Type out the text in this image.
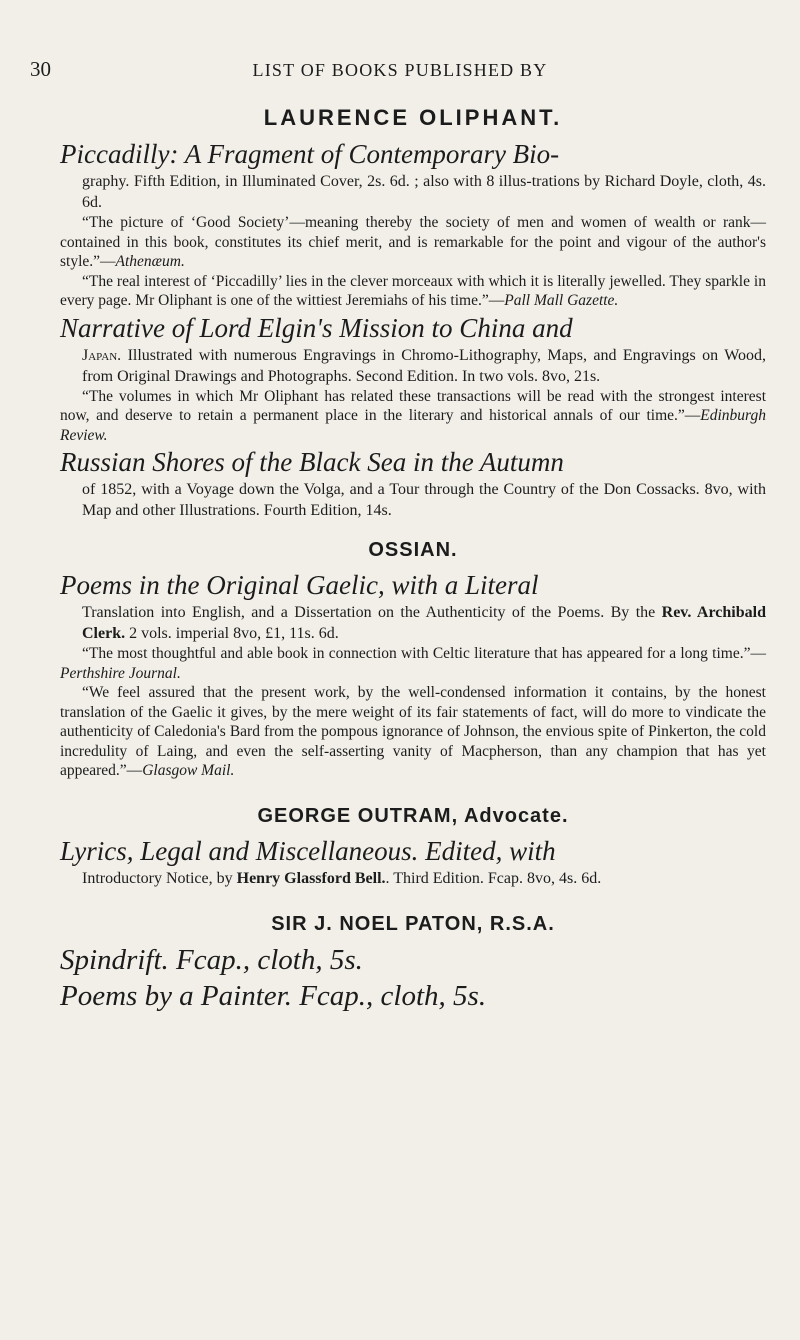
30	LIST OF BOOKS PUBLISHED BY
LAURENCE OLIPHANT.
Piccadilly: A Fragment of Contemporary Bio-
graphy. Fifth Edition, in Illuminated Cover, 2s. 6d. ; also with 8 illus-trations by Richard Doyle, cloth, 4s. 6d.

“The picture of ‘Good Society’—meaning thereby the society of men and women of wealth or rank—contained in this book, constitutes its chief merit, and is remarkable for the point and vigour of the author's style.”—Athenæum.

“The real interest of ‘Piccadilly’ lies in the clever morceaux with which it is literally jewelled. They sparkle in every page. Mr Oliphant is one of the wittiest Jeremiahs of his time.”—Pall Mall Gazette.

Narrative of Lord Elgin's Mission to China and
Japan. Illustrated with numerous Engravings in Chromo-Lithography, Maps, and Engravings on Wood, from Original Drawings and Photographs. Second Edition. In two vols. 8vo, 21s.

“The volumes in which Mr Oliphant has related these transactions will be read with the strongest interest now, and deserve to retain a permanent place in the literary and historical annals of our time.”—Edinburgh Review.

Russian Shores of the Black Sea in the Autumn
of 1852, with a Voyage down the Volga, and a Tour through the Country of the Don Cossacks. 8vo, with Map and other Illustrations. Fourth Edition, 14s.
OSSIAN.
Poems in the Original Gaelic, with a Literal
Translation into English, and a Dissertation on the Authenticity of the Poems. By the Rev. Archibald Clerk. 2 vols. imperial 8vo, £1, 11s. 6d.

“The most thoughtful and able book in connection with Celtic literature that has appeared for a long time.”—Perthshire Journal.

“We feel assured that the present work, by the well-condensed information it contains, by the honest translation of the Gaelic it gives, by the mere weight of its fair statements of fact, will do more to vindicate the authenticity of Caledonia's Bard from the pompous ignorance of Johnson, the envious spite of Pinkerton, the cold incredulity of Laing, and even the self-asserting vanity of Macpherson, than any champion that has yet appeared.”—Glasgow Mail.

GEORGE OUTRAM, Advocate.
Lyrics, Legal and Miscellaneous. Edited, with
Introductory Notice, by Henry Glassford Bell.. Third Edition. Fcap. 8vo, 4s. 6d.
SIR J. NOEL PATON, R.S.A.
Spindrift. Fcap., cloth, 5s.
Poems by a Painter. Fcap., cloth, 5s.
